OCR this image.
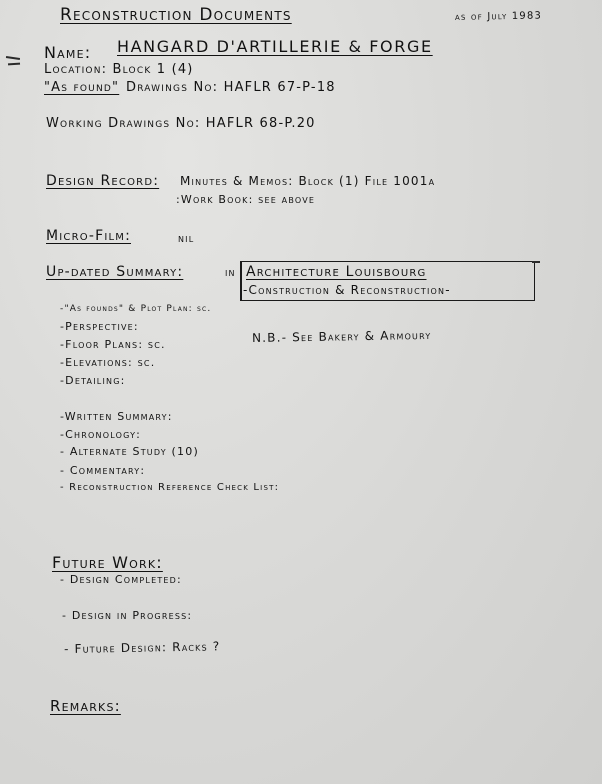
Reconstruction Documents	as of July 1983
Name: HANGARD D'ARTILLERIE & FORGE
Location: Block 1 (4)
"As found" Drawings No: HAFLR 67-P-18
Working Drawings No: HAFLR 68-P.20
Design Record: Minutes & Memos: Block (1) File 1001a
:Work Book: see above
Micro-Film:	nil
Up-dated Summary:	in Architecture Louisbourg
-Construction & Reconstruction-
-"As founds" & Plot Plan: sc.
-Perspective:
-Floor Plans: sc.
-Elevations: sc.
-Detailing:
N.B.- See Bakery & Armoury
-Written Summary:
-Chronology:
- Alternate Study (10)
- Commentary:
- Reconstruction Reference Check List:
Future Work:
- Design Completed:
- Design in Progress:
- Future Design: Racks ?
Remarks:
